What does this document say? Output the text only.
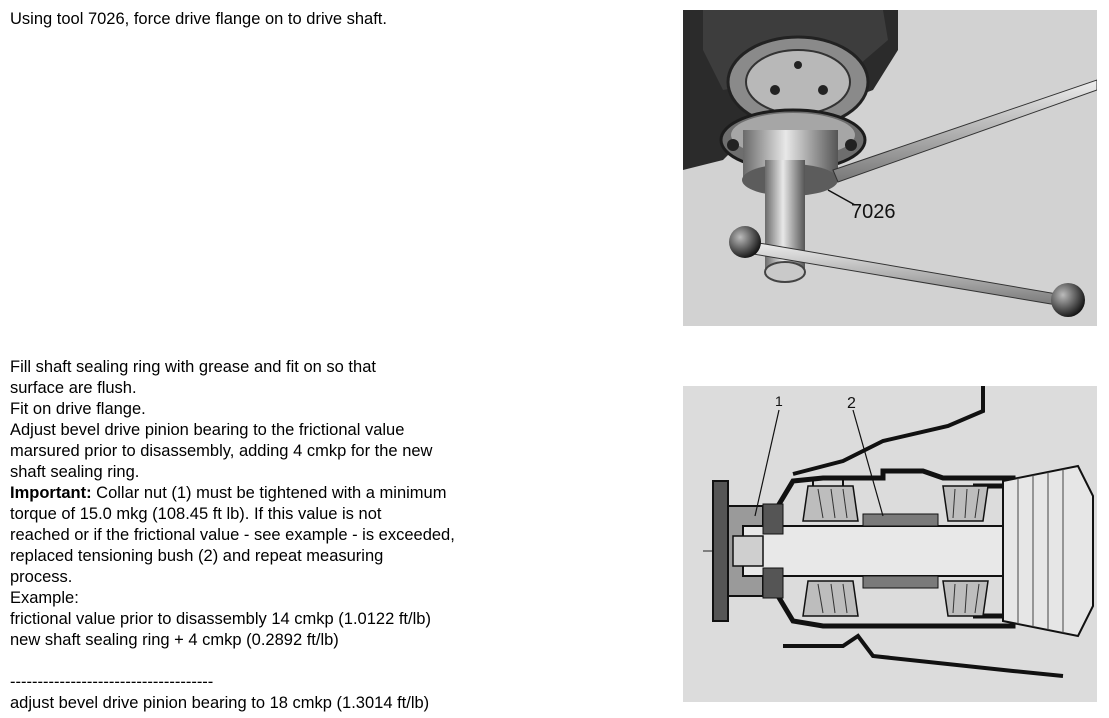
Using tool 7026, force drive flange on to drive shaft.
7026
Fill shaft sealing ring with grease and fit on so that
surface are flush.
Fit on drive flange.
Adjust bevel drive pinion bearing to the frictional value
marsured prior to disassembly, adding 4 cmkp for the new
shaft sealing ring.
Important: Collar nut (1) must be tightened with a minimum
torque of 15.0 mkg (108.45 ft lb). If this value is not
reached or if the frictional value - see example - is exceeded,
replaced tensioning bush (2) and repeat measuring
process.
Example:
frictional value prior to disassembly 14 cmkp (1.0122 ft/lb)
new shaft sealing ring + 4 cmkp (0.2892 ft/lb)

-------------------------------------
adjust bevel drive pinion bearing to 18 cmkp (1.3014 ft/lb)
1	2
